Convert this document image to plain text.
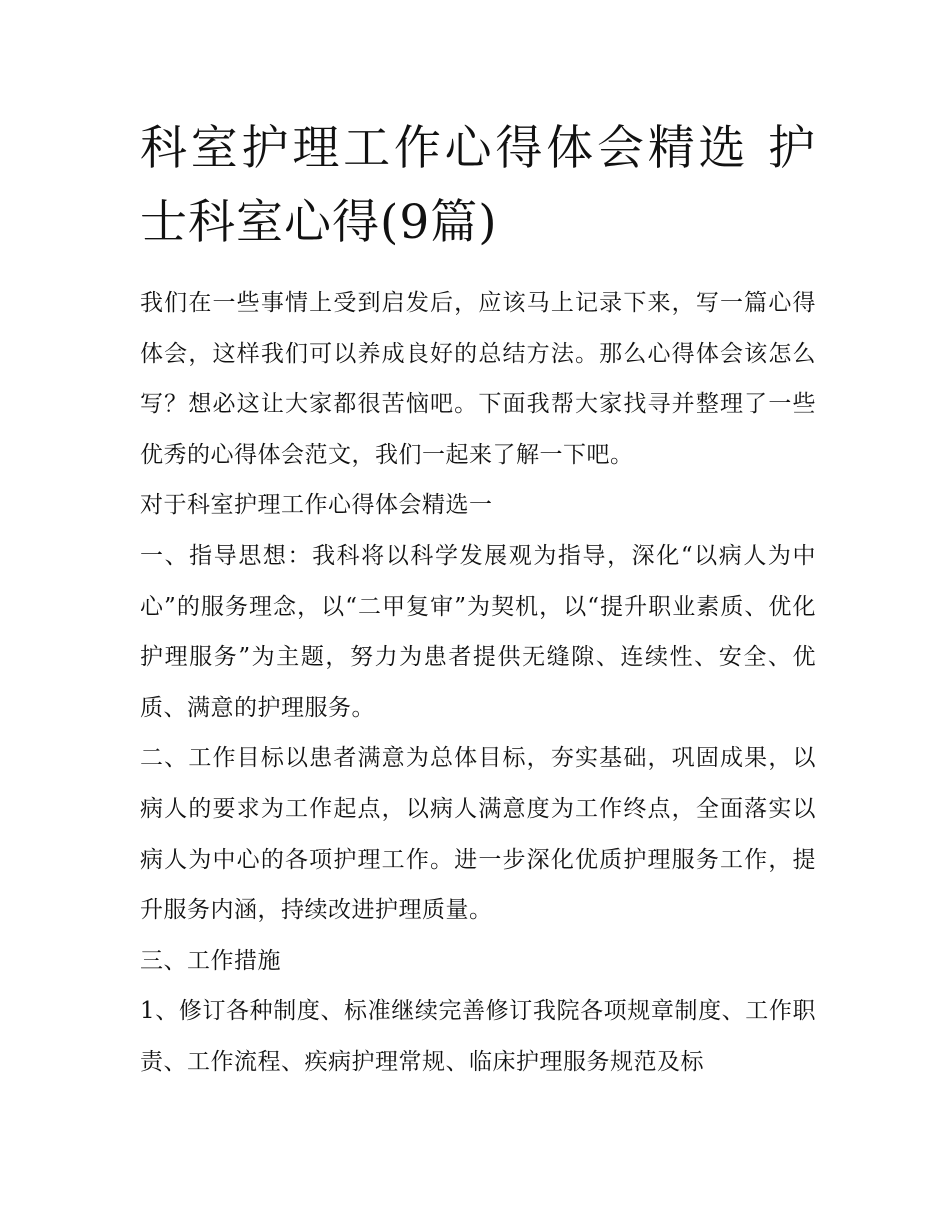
科室护理工作心得体会精选 护士科室心得(9篇)

我们在一些事情上受到启发后，应该马上记录下来，写一篇心得体会，这样我们可以养成良好的总结方法。那么心得体会该怎么写？想必这让大家都很苦恼吧。下面我帮大家找寻并整理了一些优秀的心得体会范文，我们一起来了解一下吧。

对于科室护理工作心得体会精选一

一、指导思想：我科将以科学发展观为指导，深化“以病人为中心”的服务理念，以“二甲复审”为契机，以“提升职业素质、优化护理服务”为主题，努力为患者提供无缝隙、连续性、安全、优质、满意的护理服务。

二、工作目标以患者满意为总体目标，夯实基础，巩固成果，以病人的要求为工作起点，以病人满意度为工作终点，全面落实以病人为中心的各项护理工作。进一步深化优质护理服务工作，提升服务内涵，持续改进护理质量。

三、工作措施

1、修订各种制度、标准继续完善修订我院各项规章制度、工作职责、工作流程、疾病护理常规、临床护理服务规范及标
